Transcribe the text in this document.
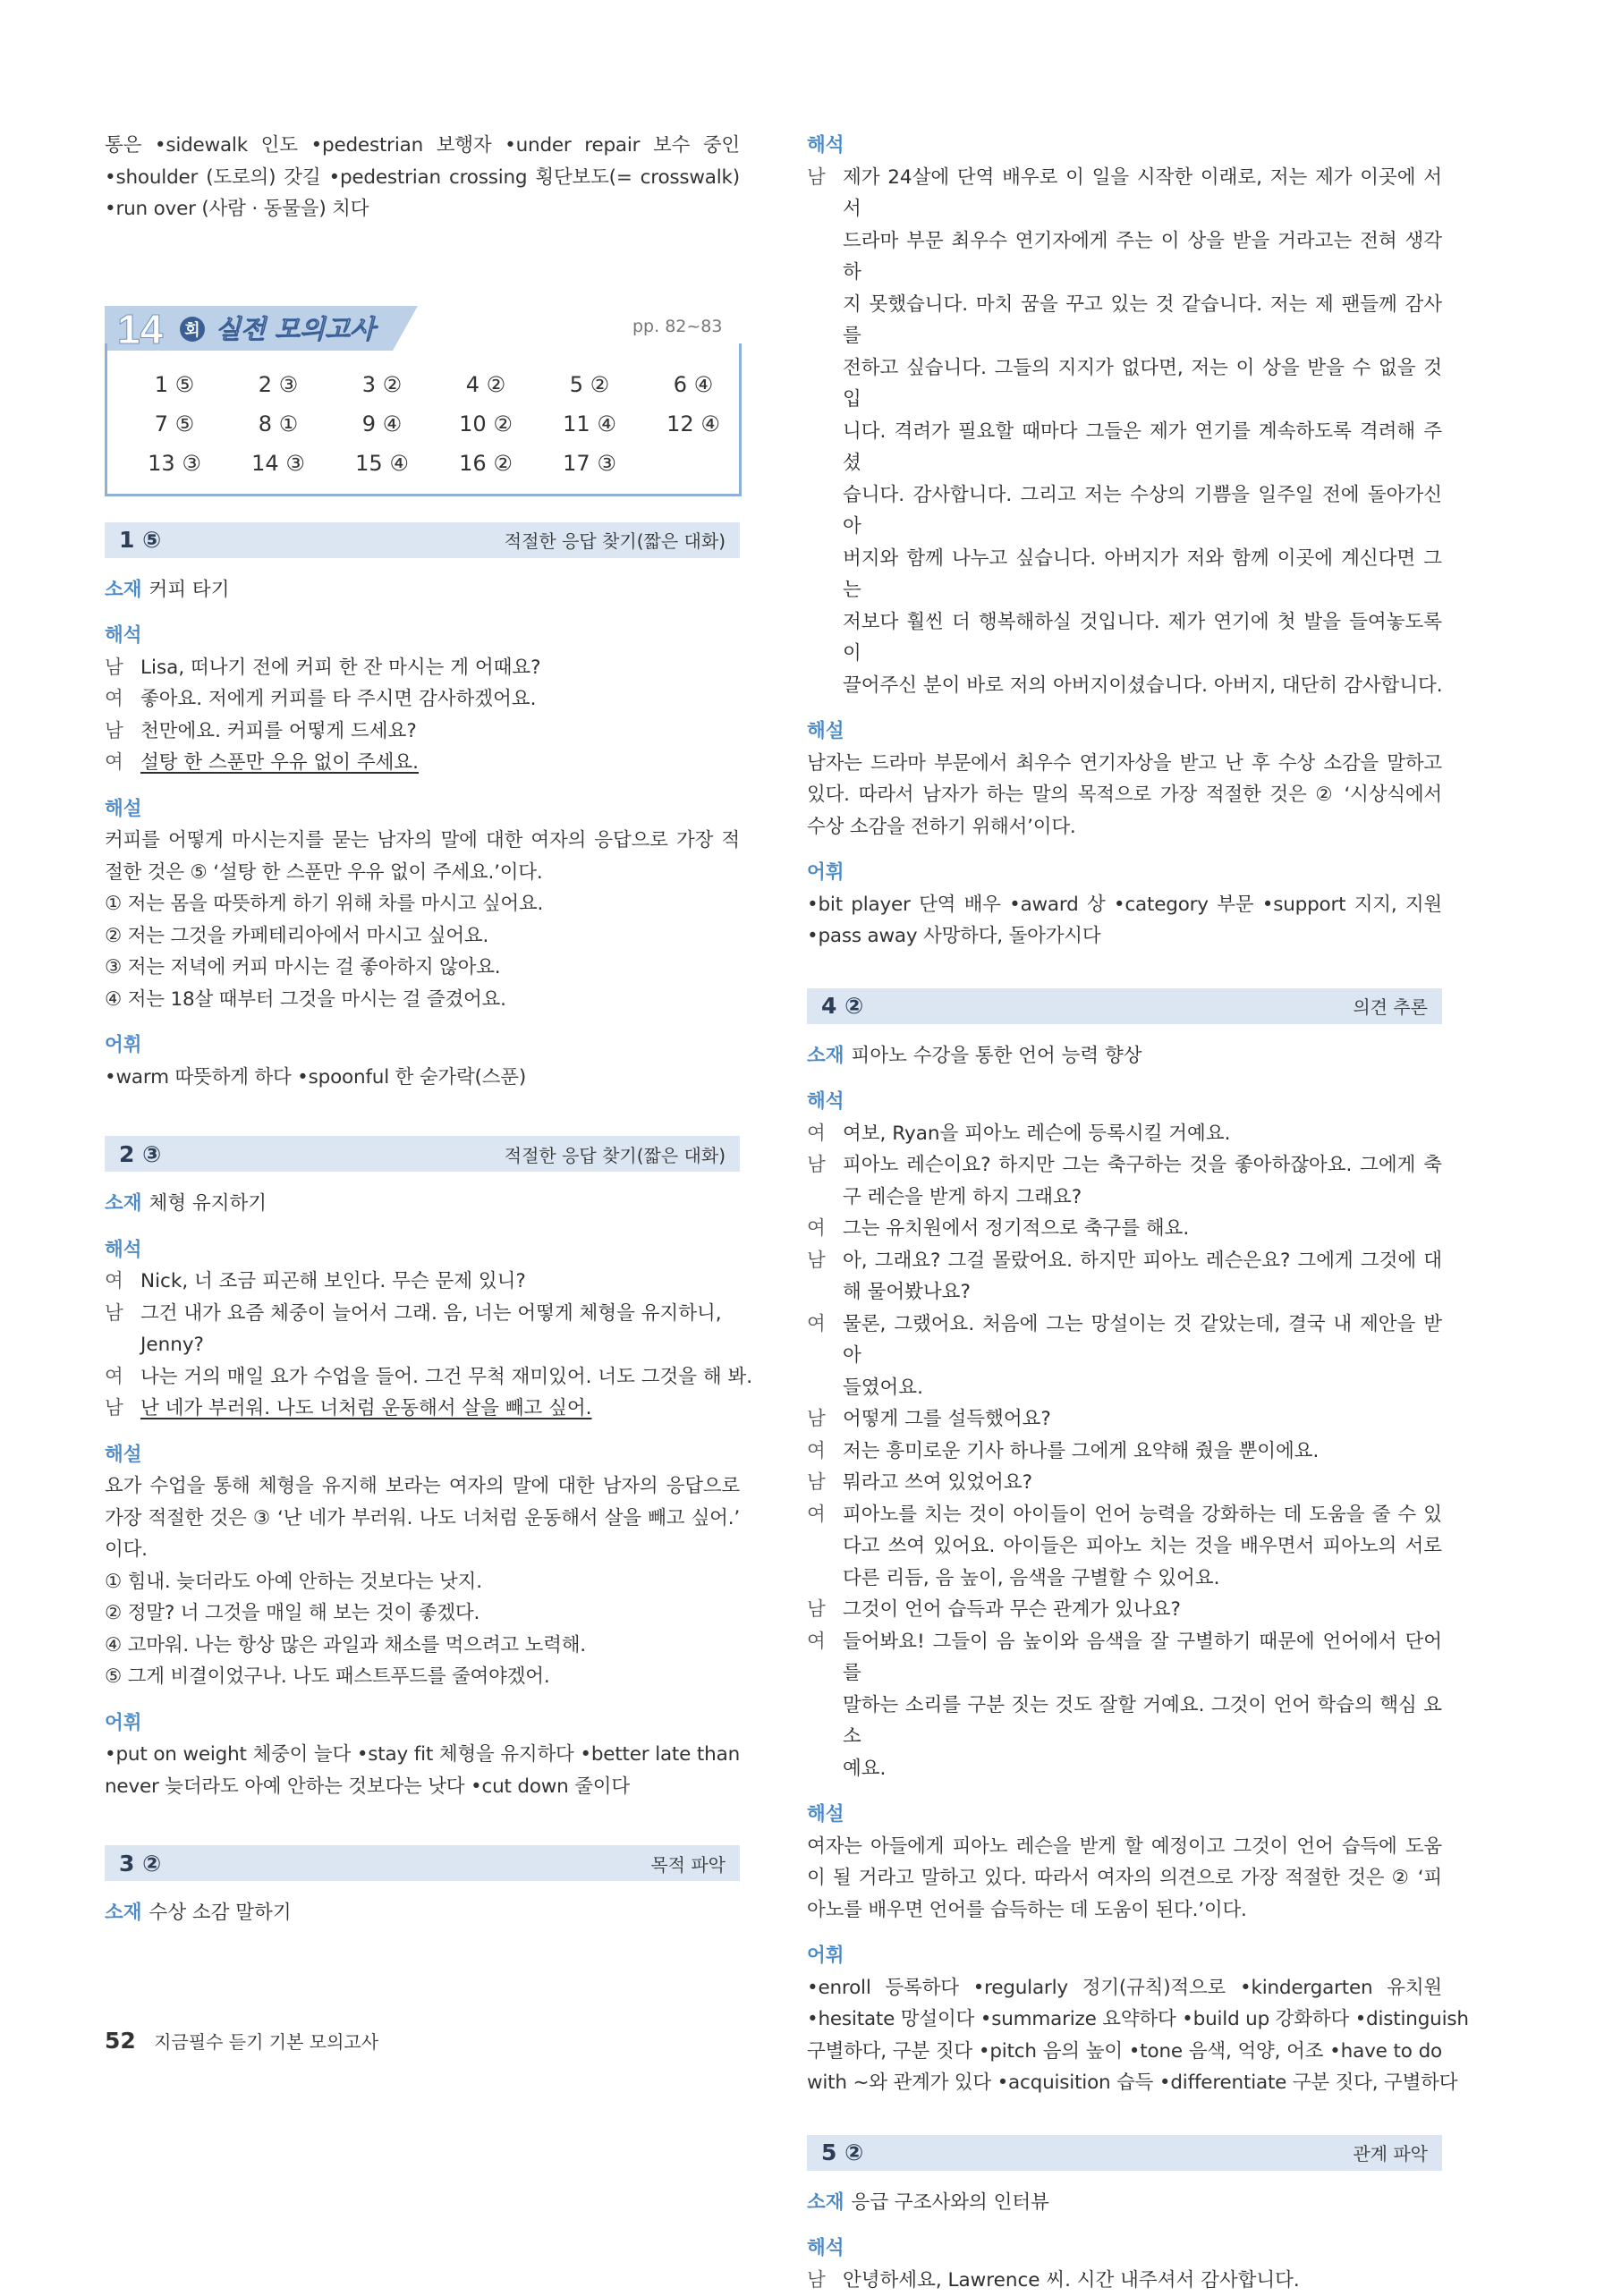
통은 •sidewalk 인도 •pedestrian 보행자 •under repair 보수 중인
•shoulder (도로의) 갓길 •pedestrian crossing 횡단보도(= crosswalk)
•run over (사람 · 동물을) 치다
14 회 실전 모의고사	pp. 82~83
1 ⑤	2 ③	3 ②	4 ②	5 ②	6 ④
7 ⑤	8 ①	9 ④	10 ②	11 ④	12 ④
13 ③	14 ③	15 ④	16 ②	17 ③
1 ⑤	적절한 응답 찾기(짧은 대화)
소재 커피 타기
해석
남 Lisa, 떠나기 전에 커피 한 잔 마시는 게 어때요?
여 좋아요. 저에게 커피를 타 주시면 감사하겠어요.
남 천만에요. 커피를 어떻게 드세요?
여 설탕 한 스푼만 우유 없이 주세요.
해설
커피를 어떻게 마시는지를 묻는 남자의 말에 대한 여자의 응답으로 가장 적
절한 것은 ⑤ ‘설탕 한 스푼만 우유 없이 주세요.’이다.
① 저는 몸을 따뜻하게 하기 위해 차를 마시고 싶어요.
② 저는 그것을 카페테리아에서 마시고 싶어요.
③ 저는 저녁에 커피 마시는 걸 좋아하지 않아요.
④ 저는 18살 때부터 그것을 마시는 걸 즐겼어요.
어휘
•warm 따뜻하게 하다 •spoonful 한 숟가락(스푼)
2 ③	적절한 응답 찾기(짧은 대화)
소재 체형 유지하기
해석
여 Nick, 너 조금 피곤해 보인다. 무슨 문제 있니?
남 그건 내가 요즘 체중이 늘어서 그래. 음, 너는 어떻게 체형을 유지하니,
Jenny?
여 나는 거의 매일 요가 수업을 들어. 그건 무척 재미있어. 너도 그것을 해 봐.
남 난 네가 부러워. 나도 너처럼 운동해서 살을 빼고 싶어.
해설
요가 수업을 통해 체형을 유지해 보라는 여자의 말에 대한 남자의 응답으로
가장 적절한 것은 ③ ‘난 네가 부러워. 나도 너처럼 운동해서 살을 빼고 싶어.’
이다.
① 힘내. 늦더라도 아예 안하는 것보다는 낫지.
② 정말? 너 그것을 매일 해 보는 것이 좋겠다.
④ 고마워. 나는 항상 많은 과일과 채소를 먹으려고 노력해.
⑤ 그게 비결이었구나. 나도 패스트푸드를 줄여야겠어.
어휘
•put on weight 체중이 늘다 •stay fit 체형을 유지하다 •better late than
never 늦더라도 아예 안하는 것보다는 낫다 •cut down 줄이다
3 ②	목적 파악
소재 수상 소감 말하기
해석
남 제가 24살에 단역 배우로 이 일을 시작한 이래로, 저는 제가 이곳에 서서
드라마 부문 최우수 연기자에게 주는 이 상을 받을 거라고는 전혀 생각하
지 못했습니다. 마치 꿈을 꾸고 있는 것 같습니다. 저는 제 팬들께 감사를
전하고 싶습니다. 그들의 지지가 없다면, 저는 이 상을 받을 수 없을 것입
니다. 격려가 필요할 때마다 그들은 제가 연기를 계속하도록 격려해 주셨
습니다. 감사합니다. 그리고 저는 수상의 기쁨을 일주일 전에 돌아가신 아
버지와 함께 나누고 싶습니다. 아버지가 저와 함께 이곳에 계신다면 그는
저보다 훨씬 더 행복해하실 것입니다. 제가 연기에 첫 발을 들여놓도록 이
끌어주신 분이 바로 저의 아버지이셨습니다. 아버지, 대단히 감사합니다.
해설
남자는 드라마 부문에서 최우수 연기자상을 받고 난 후 수상 소감을 말하고
있다. 따라서 남자가 하는 말의 목적으로 가장 적절한 것은 ② ‘시상식에서
수상 소감을 전하기 위해서’이다.
어휘
•bit player 단역 배우 •award 상 •category 부문 •support 지지, 지원
•pass away 사망하다, 돌아가시다
4 ②	의견 추론
소재 피아노 수강을 통한 언어 능력 향상
해석
여 여보, Ryan을 피아노 레슨에 등록시킬 거예요.
남 피아노 레슨이요? 하지만 그는 축구하는 것을 좋아하잖아요. 그에게 축
구 레슨을 받게 하지 그래요?
여 그는 유치원에서 정기적으로 축구를 해요.
남 아, 그래요? 그걸 몰랐어요. 하지만 피아노 레슨은요? 그에게 그것에 대
해 물어봤나요?
여 물론, 그랬어요. 처음에 그는 망설이는 것 같았는데, 결국 내 제안을 받아
들였어요.
남 어떻게 그를 설득했어요?
여 저는 흥미로운 기사 하나를 그에게 요약해 줬을 뿐이에요.
남 뭐라고 쓰여 있었어요?
여 피아노를 치는 것이 아이들이 언어 능력을 강화하는 데 도움을 줄 수 있
다고 쓰여 있어요. 아이들은 피아노 치는 것을 배우면서 피아노의 서로
다른 리듬, 음 높이, 음색을 구별할 수 있어요.
남 그것이 언어 습득과 무슨 관계가 있나요?
여 들어봐요! 그들이 음 높이와 음색을 잘 구별하기 때문에 언어에서 단어를
말하는 소리를 구분 짓는 것도 잘할 거예요. 그것이 언어 학습의 핵심 요소
예요.
해설
여자는 아들에게 피아노 레슨을 받게 할 예정이고 그것이 언어 습득에 도움
이 될 거라고 말하고 있다. 따라서 여자의 의견으로 가장 적절한 것은 ② ‘피
아노를 배우면 언어를 습득하는 데 도움이 된다.’이다.
어휘
•enroll 등록하다 •regularly 정기(규칙)적으로 •kindergarten 유치원
•hesitate 망설이다 •summarize 요약하다 •build up 강화하다 •distinguish
구별하다, 구분 짓다 •pitch 음의 높이 •tone 음색, 억양, 어조 •have to do
with ~와 관계가 있다 •acquisition 습득 •differentiate 구분 짓다, 구별하다
5 ②	관계 파악
소재 응급 구조사와의 인터뷰
해석
남 안녕하세요, Lawrence 씨. 시간 내주셔서 감사합니다.
52 지금필수 듣기 기본 모의고사
